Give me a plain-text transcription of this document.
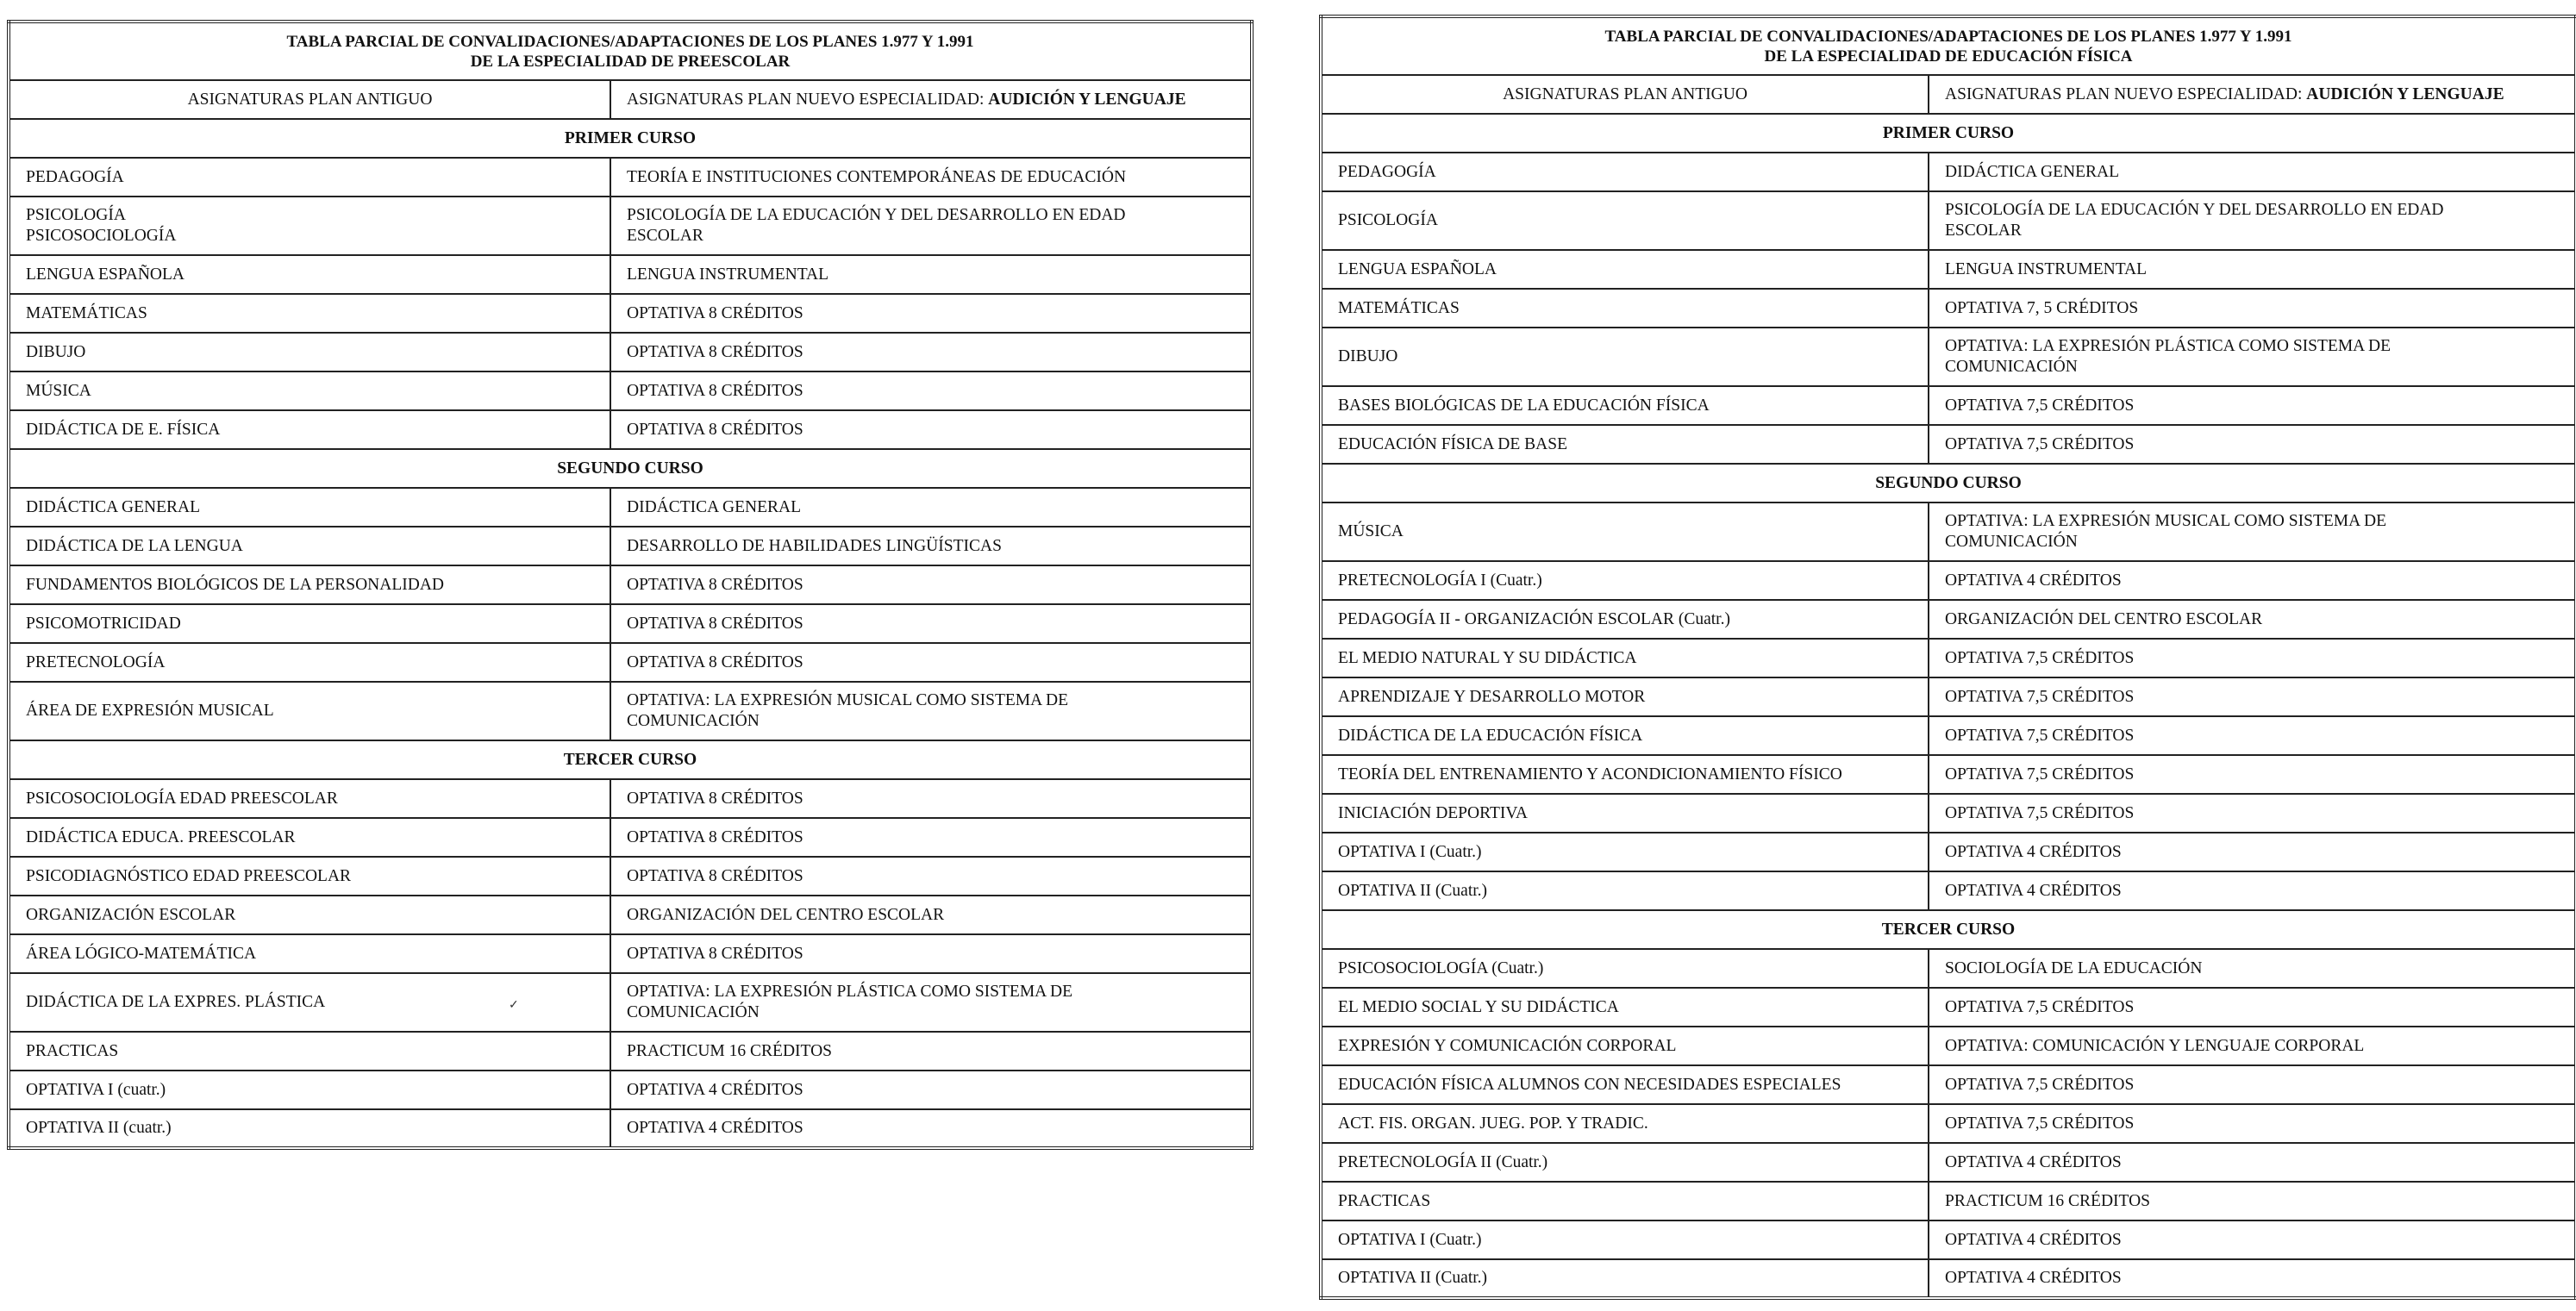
TABLA PARCIAL DE CONVALIDACIONES/ADAPTACIONES DE LOS PLANES 1.977 Y 1.991
DE LA ESPECIALIDAD DE PREESCOLAR	

ASIGNATURAS PLAN ANTIGUO	ASIGNATURAS PLAN NUEVO ESPECIALIDAD: AUDICIÓN Y LENGUAJE
PRIMER CURSO	

PEDAGOGÍA	TEORÍA E INSTITUCIONES CONTEMPORÁNEAS DE EDUCACIÓN

PSICOLOGÍA
PSICOSOCIOLOGÍA	PSICOLOGÍA DE LA EDUCACIÓN Y DEL DESARROLLO EN EDAD
ESCOLAR

LENGUA ESPAÑOLA	LENGUA INSTRUMENTAL

MATEMÁTICAS	OPTATIVA 8 CRÉDITOS

DIBUJO	OPTATIVA 8 CRÉDITOS

MÚSICA	OPTATIVA 8 CRÉDITOS

DIDÁCTICA DE E. FÍSICA	OPTATIVA 8 CRÉDITOS

SEGUNDO CURSO	

DIDÁCTICA GENERAL	DIDÁCTICA GENERAL

DIDÁCTICA DE LA LENGUA	DESARROLLO DE HABILIDADES LINGÜÍSTICAS

FUNDAMENTOS BIOLÓGICOS DE LA PERSONALIDAD	OPTATIVA 8 CRÉDITOS

PSICOMOTRICIDAD	OPTATIVA 8 CRÉDITOS

PRETECNOLOGÍA	OPTATIVA 8 CRÉDITOS

ÁREA DE EXPRESIÓN MUSICAL	OPTATIVA: LA EXPRESIÓN MUSICAL COMO SISTEMA DE
COMUNICACIÓN

TERCER CURSO	

PSICOSOCIOLOGÍA EDAD PREESCOLAR	OPTATIVA 8 CRÉDITOS

DIDÁCTICA EDUCA. PREESCOLAR	OPTATIVA 8 CRÉDITOS

PSICODIAGNÓSTICO EDAD PREESCOLAR	OPTATIVA 8 CRÉDITOS

ORGANIZACIÓN ESCOLAR	ORGANIZACIÓN DEL CENTRO ESCOLAR

ÁREA LÓGICO-MATEMÁTICA	OPTATIVA 8 CRÉDITOS

DIDÁCTICA DE LA EXPRES. PLÁSTICA	OPTATIVA: LA EXPRESIÓN PLÁSTICA COMO SISTEMA DE
COMUNICACIÓN

PRACTICAS	PRACTICUM 16 CRÉDITOS

OPTATIVA I (cuatr.)	OPTATIVA 4 CRÉDITOS

OPTATIVA II (cuatr.)	OPTATIVA 4 CRÉDITOS
TABLA PARCIAL DE CONVALIDACIONES/ADAPTACIONES DE LOS PLANES 1.977 Y 1.991
DE LA ESPECIALIDAD DE EDUCACIÓN FÍSICA	

ASIGNATURAS PLAN ANTIGUO	ASIGNATURAS PLAN NUEVO ESPECIALIDAD: AUDICIÓN Y LENGUAJE
PRIMER CURSO	

PEDAGOGÍA	DIDÁCTICA GENERAL

PSICOLOGÍA	PSICOLOGÍA DE LA EDUCACIÓN Y DEL DESARROLLO EN EDAD
ESCOLAR

LENGUA ESPAÑOLA	LENGUA INSTRUMENTAL

MATEMÁTICAS	OPTATIVA 7, 5 CRÉDITOS

DIBUJO	OPTATIVA: LA EXPRESIÓN PLÁSTICA COMO SISTEMA DE
COMUNICACIÓN

BASES BIOLÓGICAS DE LA EDUCACIÓN FÍSICA	OPTATIVA 7,5 CRÉDITOS

EDUCACIÓN FÍSICA DE BASE	OPTATIVA 7,5 CRÉDITOS

SEGUNDO CURSO	

MÚSICA	OPTATIVA: LA EXPRESIÓN MUSICAL COMO SISTEMA DE
COMUNICACIÓN

PRETECNOLOGÍA I (Cuatr.)	OPTATIVA 4 CRÉDITOS

PEDAGOGÍA II - ORGANIZACIÓN ESCOLAR (Cuatr.)	ORGANIZACIÓN DEL CENTRO ESCOLAR

EL MEDIO NATURAL Y SU DIDÁCTICA	OPTATIVA 7,5 CRÉDITOS

APRENDIZAJE Y DESARROLLO MOTOR	OPTATIVA 7,5 CRÉDITOS

DIDÁCTICA DE LA EDUCACIÓN FÍSICA	OPTATIVA 7,5 CRÉDITOS

TEORÍA DEL ENTRENAMIENTO Y ACONDICIONAMIENTO FÍSICO	OPTATIVA 7,5 CRÉDITOS

INICIACIÓN DEPORTIVA	OPTATIVA 7,5 CRÉDITOS

OPTATIVA I (Cuatr.)	OPTATIVA 4 CRÉDITOS

OPTATIVA II (Cuatr.)	OPTATIVA 4 CRÉDITOS

TERCER CURSO	

PSICOSOCIOLOGÍA (Cuatr.)	SOCIOLOGÍA DE LA EDUCACIÓN

EL MEDIO SOCIAL Y SU DIDÁCTICA	OPTATIVA 7,5 CRÉDITOS

EXPRESIÓN Y COMUNICACIÓN CORPORAL	OPTATIVA: COMUNICACIÓN Y LENGUAJE CORPORAL

EDUCACIÓN FÍSICA ALUMNOS CON NECESIDADES ESPECIALES	OPTATIVA 7,5 CRÉDITOS

ACT. FIS. ORGAN. JUEG. POP. Y TRADIC.	OPTATIVA 7,5 CRÉDITOS

PRETECNOLOGÍA II (Cuatr.)	OPTATIVA 4 CRÉDITOS

PRACTICAS	PRACTICUM 16 CRÉDITOS

OPTATIVA I (Cuatr.)	OPTATIVA 4 CRÉDITOS

OPTATIVA II (Cuatr.)	OPTATIVA 4 CRÉDITOS
✓
